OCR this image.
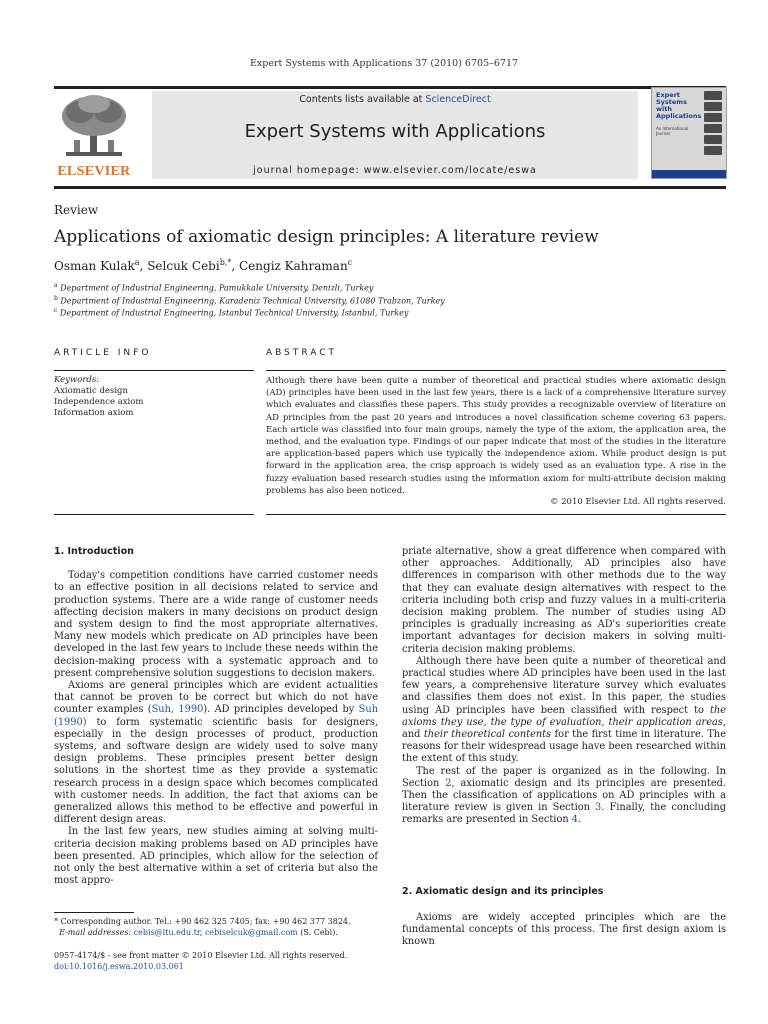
Expert Systems with Applications 37 (2010) 6705–6717
ELSEVIER
Contents lists available at ScienceDirect
Expert Systems with Applications
journal homepage: www.elsevier.com/locate/eswa
Expert Systems with Applications
An International Journal
Review
Applications of axiomatic design principles: A literature review
Osman Kulak$^a$, Selcuk Cebi$^{b,*}$, Cengiz Kahraman$^c$
$^a$ Department of Industrial Engineering, Pamukkale University, Denizli, Turkey
$^b$ Department of Industrial Engineering, Karadeniz Technical University, 61080 Trabzon, Turkey
$^c$ Department of Industrial Engineering, Istanbul Technical University, Istanbul, Turkey
ARTICLE INFO	ABSTRACT
Keywords:
Axiomatic design
Independence axiom
Information axiom
Although there have been quite a number of theoretical and practical studies where axiomatic design (AD) principles have been used in the last few years, there is a lack of a comprehensive literature survey which evaluates and classifies these papers. This study provides a recognizable overview of literature on AD principles from the past 20 years and introduces a novel classification scheme covering 63 papers. Each article was classified into four main groups, namely the type of the axiom, the application area, the method, and the evaluation type. Findings of our paper indicate that most of the studies in the literature are application-based papers which use typically the independence axiom. While product design is put forward in the application area, the crisp approach is widely used as an evaluation type. A rise in the fuzzy evaluation based research studies using the information axiom for multi-attribute decision making problems has also been noticed.
© 2010 Elsevier Ltd. All rights reserved.
1. Introduction

Today's competition conditions have carried customer needs to an effective position in all decisions related to service and production systems. There are a wide range of customer needs affecting decision makers in many decisions on product design and system design to find the most appropriate alternatives. Many new models which predicate on AD principles have been developed in the last few years to include these needs within the decision-making process with a systematic approach and to present comprehensive solution suggestions to decision makers.

Axioms are general principles which are evident actualities that cannot be proven to be correct but which do not have counter examples (Suh, 1990). AD principles developed by Suh (1990) to form systematic scientific basis for designers, especially in the design processes of product, production systems, and software design are widely used to solve many design problems. These principles present better design solutions in the shortest time as they provide a systematic research process in a design space which becomes complicated with customer needs. In addition, the fact that axioms can be generalized allows this method to be effective and powerful in different design areas.

In the last few years, new studies aiming at solving multi-criteria decision making problems based on AD principles have been presented. AD principles, which allow for the selection of not only the best alternative within a set of criteria but also the most appro-

priate alternative, show a great difference when compared with other approaches. Additionally, AD principles also have differences in comparison with other methods due to the way that they can evaluate design alternatives with respect to the criteria including both crisp and fuzzy values in a multi-criteria decision making problem. The number of studies using AD principles is gradually increasing as AD's superiorities create important advantages for decision makers in solving multi-criteria decision making problems.

Although there have been quite a number of theoretical and practical studies where AD principles have been used in the last few years, a comprehensive literature survey which evaluates and classifies them does not exist. In this paper, the studies using AD principles have been classified with respect to the axioms they use, the type of evaluation, their application areas, and their theoretical contents for the first time in literature. The reasons for their widespread usage have been researched within the extent of this study.

The rest of the paper is organized as in the following. In Section 2, axiomatic design and its principles are presented. Then the classification of applications on AD principles with a literature review is given in Section 3. Finally, the concluding remarks are presented in Section 4.

2. Axiomatic design and its principles

Axioms are widely accepted principles which are the fundamental concepts of this process. The first design axiom is known

* Corresponding author. Tel.: +90 462 325 7405; fax: +90 462 377 3824.
E-mail addresses: cebis@itu.edu.tr, cebiselcuk@gmail.com (S. Cebi).
0957-4174/$ - see front matter © 2010 Elsevier Ltd. All rights reserved.
doi:10.1016/j.eswa.2010.03.061
